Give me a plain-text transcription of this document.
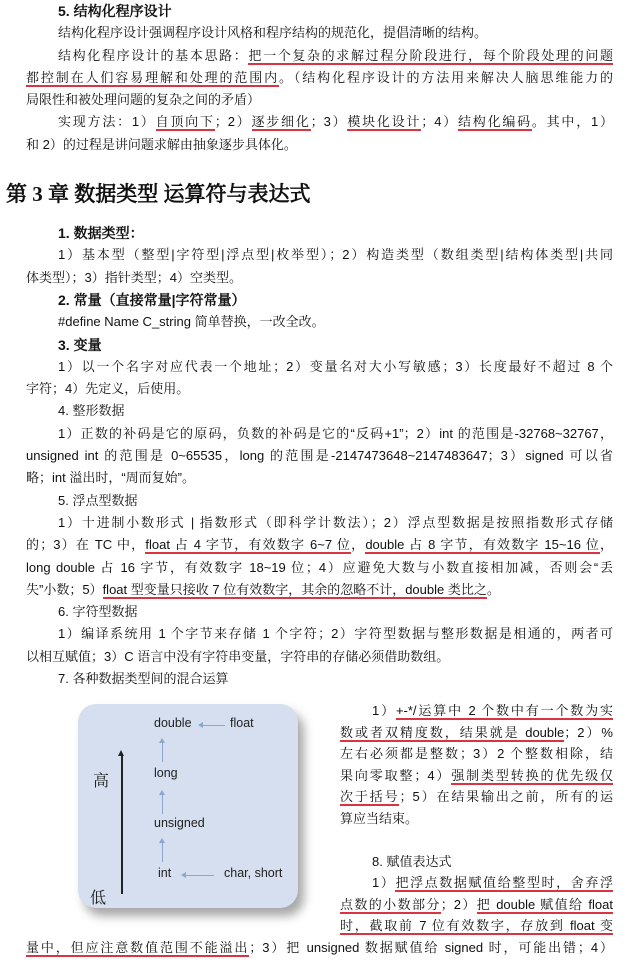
5. 结构化程序设计
结构化程序设计强调程序设计风格和程序结构的规范化，提倡清晰的结构。
结构化程序设计的基本思路：把一个复杂的求解过程分阶段进行，每个阶段处理的问题
都控制在人们容易理解和处理的范围内。（结构化程序设计的方法用来解决人脑思维能力的
局限性和被处理问题的复杂之间的矛盾）
实现方法：1）自顶向下；2）逐步细化；3）模块化设计；4）结构化编码。其中，1）
和 2）的过程是讲问题求解由抽象逐步具体化。
第 3 章 数据类型 运算符与表达式
1. 数据类型：
1）基本型（整型|字符型|浮点型|枚举型）；2）构造类型（数组类型|结构体类型|共同
体类型）；3）指针类型；4）空类型。
2. 常量（直接常量|字符常量）
#define Name C_string 简单替换，一改全改。
3. 变量
1）以一个名字对应代表一个地址；2）变量名对大小写敏感；3）长度最好不超过 8 个
字符；4）先定义，后使用。
4. 整形数据
1）正数的补码是它的原码，负数的补码是它的“反码+1”；2）int 的范围是-32768~32767，
unsigned int 的范围是 0~65535，long 的范围是-2147473648~2147483647；3）signed 可以省
略；int 溢出时，“周而复始”。
5. 浮点型数据
1）十进制小数形式 | 指数形式（即科学计数法）；2）浮点型数据是按照指数形式存储
的；3）在 TC 中，float 占 4 字节，有效数字 6~7 位，double 占 8 字节，有效数字 15~16 位，
long double 占 16 字节，有效数字 18~19 位；4）应避免大数与小数直接相加减，否则会“丢
失”小数；5）float 型变量只接收 7 位有效数字，其余的忽略不计，double 类比之。
6. 字符型数据
1）编译系统用 1 个字节来存储 1 个字符；2）字符型数据与整形数据是相通的，两者可
以相互赋值；3）C 语言中没有字符串变量，字符串的存储必须借助数组。
7. 各种数据类型间的混合运算
高
低
double	float
long
unsigned
int	char, short
1）+-*/运算中 2 个数中有一个数为实
数或者双精度数，结果就是 double；2）%
左右必须都是整数；3）2 个整数相除，结
果向零取整；4）强制类型转换的优先级仅
次于括号；5）在结果输出之前，所有的运
算应当结束。
8. 赋值表达式
1）把浮点数据赋值给整型时，舍弃浮
点数的小数部分；2）把 double 赋值给 float
时，截取前 7 位有效数字，存放到 float 变
量中，但应注意数值范围不能溢出；3）把 unsigned 数据赋值给 signed 时，可能出错；4）
